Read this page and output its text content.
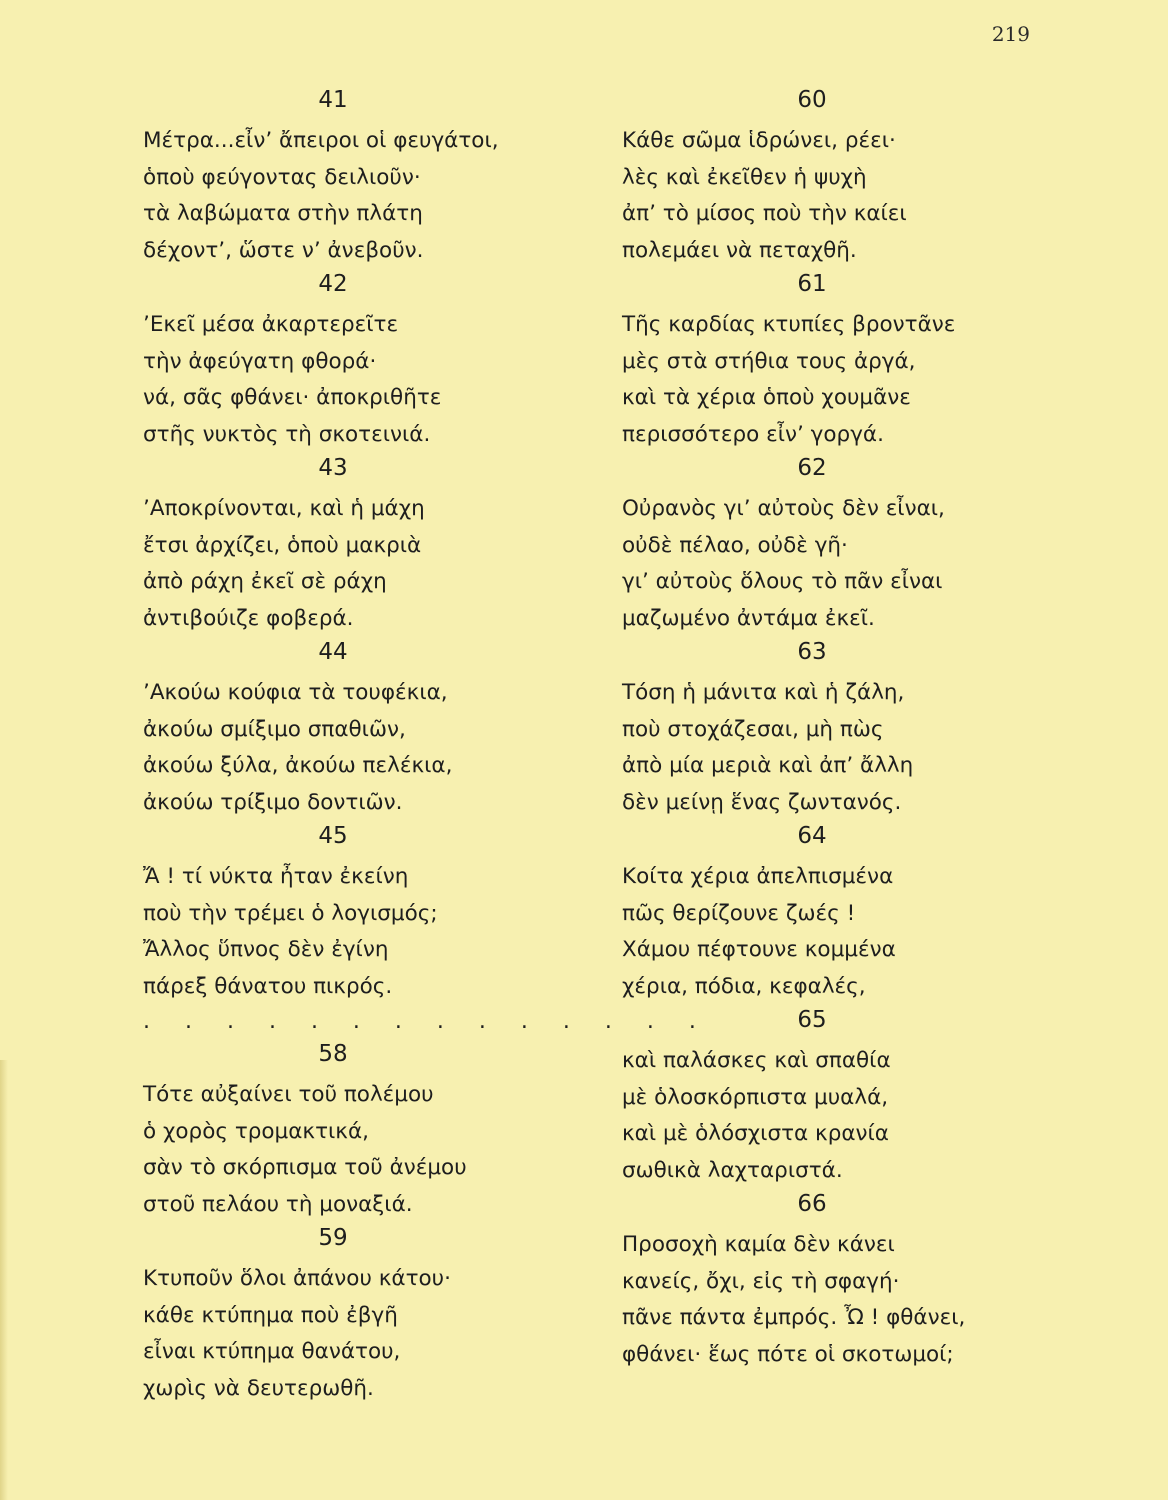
219
41
Μέτρα...εἶν’ ἄπειροι οἱ φευγάτοι,
ὁποὺ φεύγοντας δειλιοῦν·
τὰ λαβώματα στὴν πλάτη
δέχοντ’, ὥστε ν’ ἀνεβοῦν.
42
’Εκεῖ μέσα ἀκαρτερεῖτε
τὴν ἀφεύγατη φθορά·
νά, σᾶς φθάνει· ἀποκριθῆτε
στῆς νυκτὸς τὴ σκοτεινιά.
43
’Αποκρίνονται, καὶ ἡ μάχη
ἔτσι ἀρχίζει, ὁποὺ μακριὰ
ἀπὸ ράχη ἐκεῖ σὲ ράχη
ἀντιβούιζε φοβερά.
44
’Ακούω κούφια τὰ τουφέκια,
ἀκούω σμίξιμο σπαθιῶν,
ἀκούω ξύλα, ἀκούω πελέκια,
ἀκούω τρίξιμο δοντιῶν.
45
Ἄ ! τί νύκτα ἦταν ἐκείνη
ποὺ τὴν τρέμει ὁ λογισμός;
Ἄλλος ὕπνος δὲν ἐγίνη
πάρεξ θάνατου πικρός.
. . . . . . . . . . . . . .
58
Τότε αὐξαίνει τοῦ πολέμου
ὁ χορὸς τρομακτικά,
σὰν τὸ σκόρπισμα τοῦ ἀνέμου
στοῦ πελάου τὴ μοναξιά.
59
Κτυποῦν ὅλοι ἀπάνου κάτου·
κάθε κτύπημα ποὺ ἐβγῆ
εἶναι κτύπημα θανάτου,
χωρὶς νὰ δευτερωθῆ.
60
Κάθε σῶμα ἱδρώνει, ρέει·
λὲς καὶ ἐκεῖθεν ἡ ψυχὴ
ἀπ’ τὸ μίσος ποὺ τὴν καίει
πολεμάει νὰ πεταχθῆ.
61
Τῆς καρδίας κτυπίες βροντᾶνε
μὲς στὰ στήθια τους ἀργά,
καὶ τὰ χέρια ὁποὺ χουμᾶνε
περισσότερο εἶν’ γοργά.
62
Οὐρανὸς γι’ αὐτοὺς δὲν εἶναι,
οὐδὲ πέλαο, οὐδὲ γῆ·
γι’ αὐτοὺς ὅλους τὸ πᾶν εἶναι
μαζωμένο ἀντάμα ἐκεῖ.
63
Τόση ἡ μάνιτα καὶ ἡ ζάλη,
ποὺ στοχάζεσαι, μὴ πὼς
ἀπὸ μία μεριὰ καὶ ἀπ’ ἄλλη
δὲν μείνῃ ἕνας ζωντανός.
64
Κοίτα χέρια ἀπελπισμένα
πῶς θερίζουνε ζωές !
Χάμου πέφτουνε κομμένα
χέρια, πόδια, κεφαλές,
65
καὶ παλάσκες καὶ σπαθία
μὲ ὁλοσκόρπιστα μυαλά,
καὶ μὲ ὁλόσχιστα κρανία
σωθικὰ λαχταριστά.
66
Προσοχὴ καμία δὲν κάνει
κανείς, ὄχι, εἰς τὴ σφαγή·
πᾶνε πάντα ἐμπρός. Ὦ ! φθάνει,
φθάνει· ἕως πότε οἱ σκοτωμοί;
